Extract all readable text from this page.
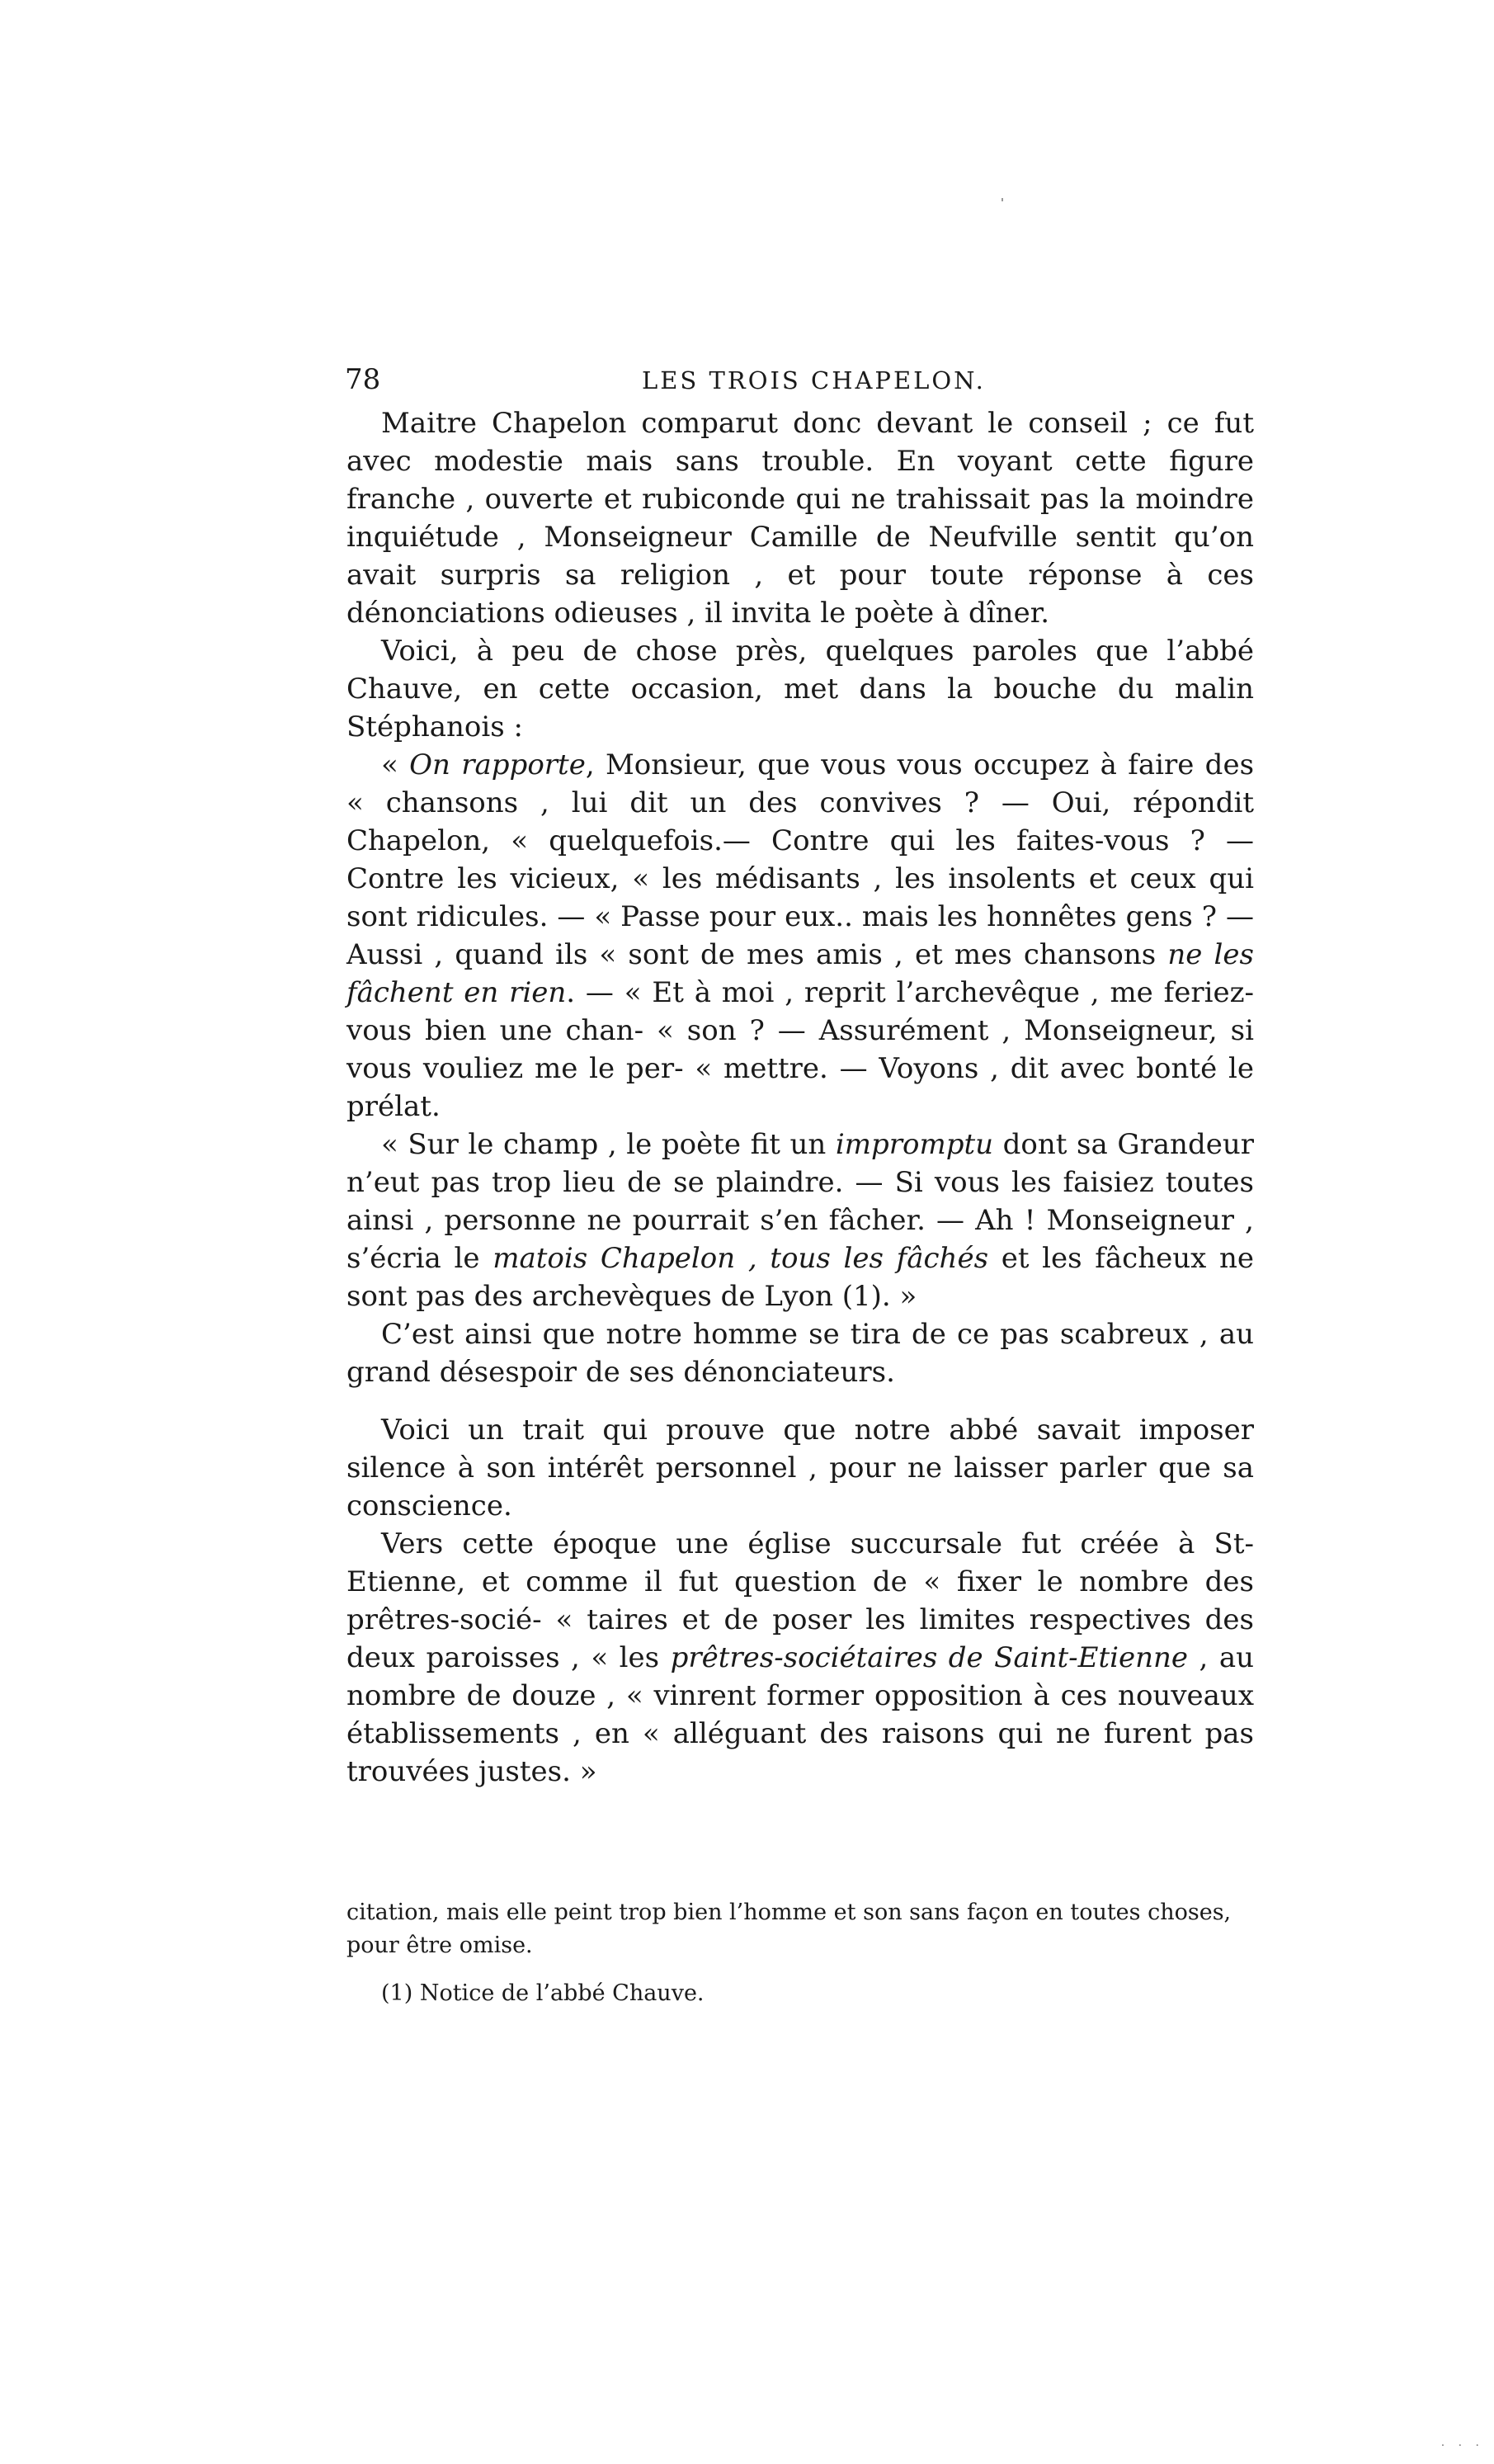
78	LES TROIS CHAPELON.

Maitre Chapelon comparut donc devant le conseil ; ce fut avec modestie mais sans trouble. En voyant cette figure franche , ouverte et rubiconde qui ne trahissait pas la moindre inquiétude , Monseigneur Camille de Neufville sentit qu’on avait surpris sa religion , et pour toute réponse à ces dénonciations odieuses , il invita le poète à dîner.

Voici, à peu de chose près, quelques paroles que l’abbé Chauve, en cette occasion, met dans la bouche du malin Stéphanois :

« On rapporte, Monsieur, que vous vous occupez à faire des « chansons , lui dit un des convives ? — Oui, répondit Chapelon, « quelquefois.— Contre qui les faites-vous ? — Contre les vicieux, « les médisants , les insolents et ceux qui sont ridicules. — « Passe pour eux.. mais les honnêtes gens ? — Aussi , quand ils « sont de mes amis , et mes chansons ne les fâchent en rien. — « Et à moi , reprit l’archevêque , me feriez-vous bien une chan- « son ? — Assurément , Monseigneur, si vous vouliez me le per- « mettre. — Voyons , dit avec bonté le prélat.

« Sur le champ , le poète fit un impromptu dont sa Grandeur n’eut pas trop lieu de se plaindre. — Si vous les faisiez toutes ainsi , personne ne pourrait s’en fâcher. — Ah ! Monseigneur , s’écria le matois Chapelon , tous les fâchés et les fâcheux ne sont pas des archevèques de Lyon (1). »

C’est ainsi que notre homme se tira de ce pas scabreux , au grand désespoir de ses dénonciateurs.

Voici un trait qui prouve que notre abbé savait imposer silence à son intérêt personnel , pour ne laisser parler que sa conscience.

Vers cette époque une église succursale fut créée à St-Etienne, et comme il fut question de « fixer le nombre des prêtres-socié- « taires et de poser les limites respectives des deux paroisses , « les prêtres-sociétaires de Saint-Etienne , au nombre de douze , « vinrent former opposition à ces nouveaux établissements , en « alléguant des raisons qui ne furent pas trouvées justes. »

citation, mais elle peint trop bien l’homme et son sans façon en toutes choses, pour être omise.

(1) Notice de l’abbé Chauve.

· · ·
